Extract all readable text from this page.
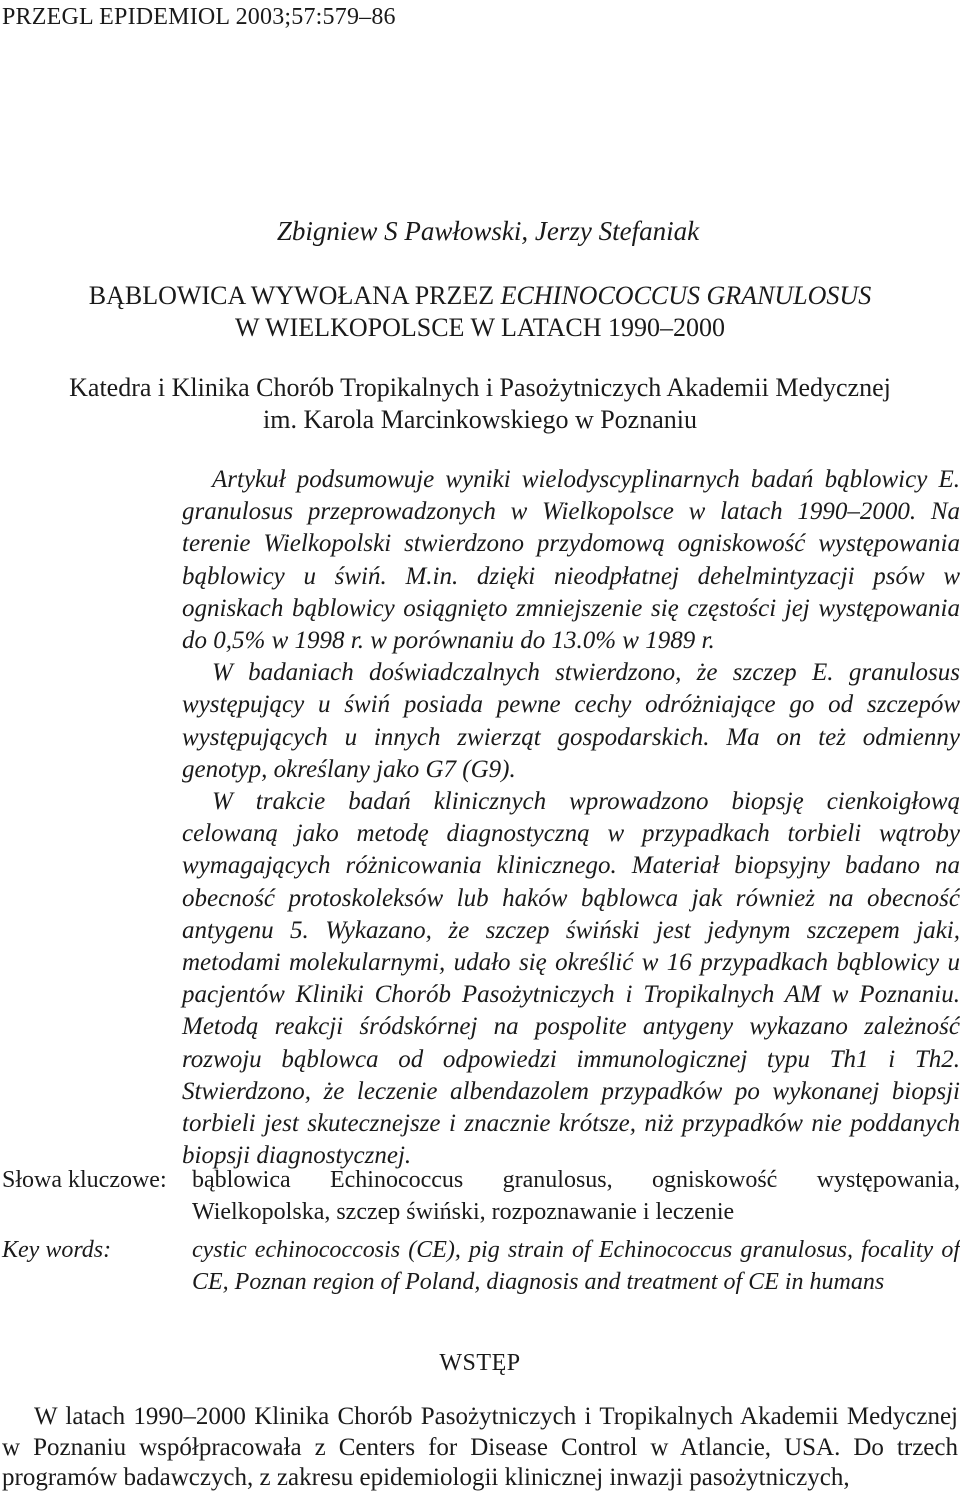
PRZEGL EPIDEMIOL 2003;57:579–86
Zbigniew S Pawłowski, Jerzy Stefaniak
BĄBLOWICA WYWOŁANA PRZEZ ECHINOCOCCUS GRANULOSUS
W WIELKOPOLSCE W LATACH 1990–2000
Katedra i Klinika Chorób Tropikalnych i Pasożytniczych Akademii Medycznej
im. Karola Marcinkowskiego w Poznaniu

Artykuł podsumowuje wyniki wielodyscyplinarnych badań bąblowicy E. granulosus przeprowadzonych w Wielkopolsce w latach 1990–2000. Na terenie Wielkopolski stwierdzono przydomową ogniskowość występowania bąblowicy u świń. M.in. dzięki nieodpłatnej dehelmintyzacji psów w ogniskach bąblowicy osiągnięto zmniejszenie się częstości jej występowania do 0,5% w 1998 r. w porównaniu do 13.0% w 1989 r.

W badaniach doświadczalnych stwierdzono, że szczep E. granulosus występujący u świń posiada pewne cechy odróżniające go od szczepów występujących u innych zwierząt gospodarskich. Ma on też odmienny genotyp, określany jako G7 (G9).

W trakcie badań klinicznych wprowadzono biopsję cienkoigłową celowaną jako metodę diagnostyczną w przypadkach torbieli wątroby wymagających różnicowania klinicznego. Materiał biopsyjny badano na obecność protoskoleksów lub haków bąblowca jak również na obecność antygenu 5. Wykazano, że szczep świński jest jedynym szczepem jaki, metodami molekularnymi, udało się określić w 16 przypadkach bąblowicy u pacjentów Kliniki Chorób Pasożytniczych i Tropikalnych AM w Poznaniu. Metodą reakcji śródskórnej na pospolite antygeny wykazano zależność rozwoju bąblowca od odpowiedzi immunologicznej typu Th1 i Th2. Stwierdzono, że leczenie albendazolem przypadków po wykonanej biopsji torbieli jest skutecznejsze i znacznie krótsze, niż przypadków nie poddanych biopsji diagnostycznej.

Słowa kluczowe: bąblowica Echinococcus granulosus, ogniskowość występowania, Wielkopolska, szczep świński, rozpoznawanie i leczenie
Key words:	cystic echinococcosis (CE), pig strain of Echinococcus granulosus, focality of CE, Poznan region of Poland, diagnosis and treatment of CE in humans
WSTĘP

W latach 1990–2000 Klinika Chorób Pasożytniczych i Tropikalnych Akademii Medycznej w Poznaniu współpracowała z Centers for Disease Control w Atlancie, USA. Do trzech programów badawczych, z zakresu epidemiologii klinicznej inwazji pasożytniczych,
